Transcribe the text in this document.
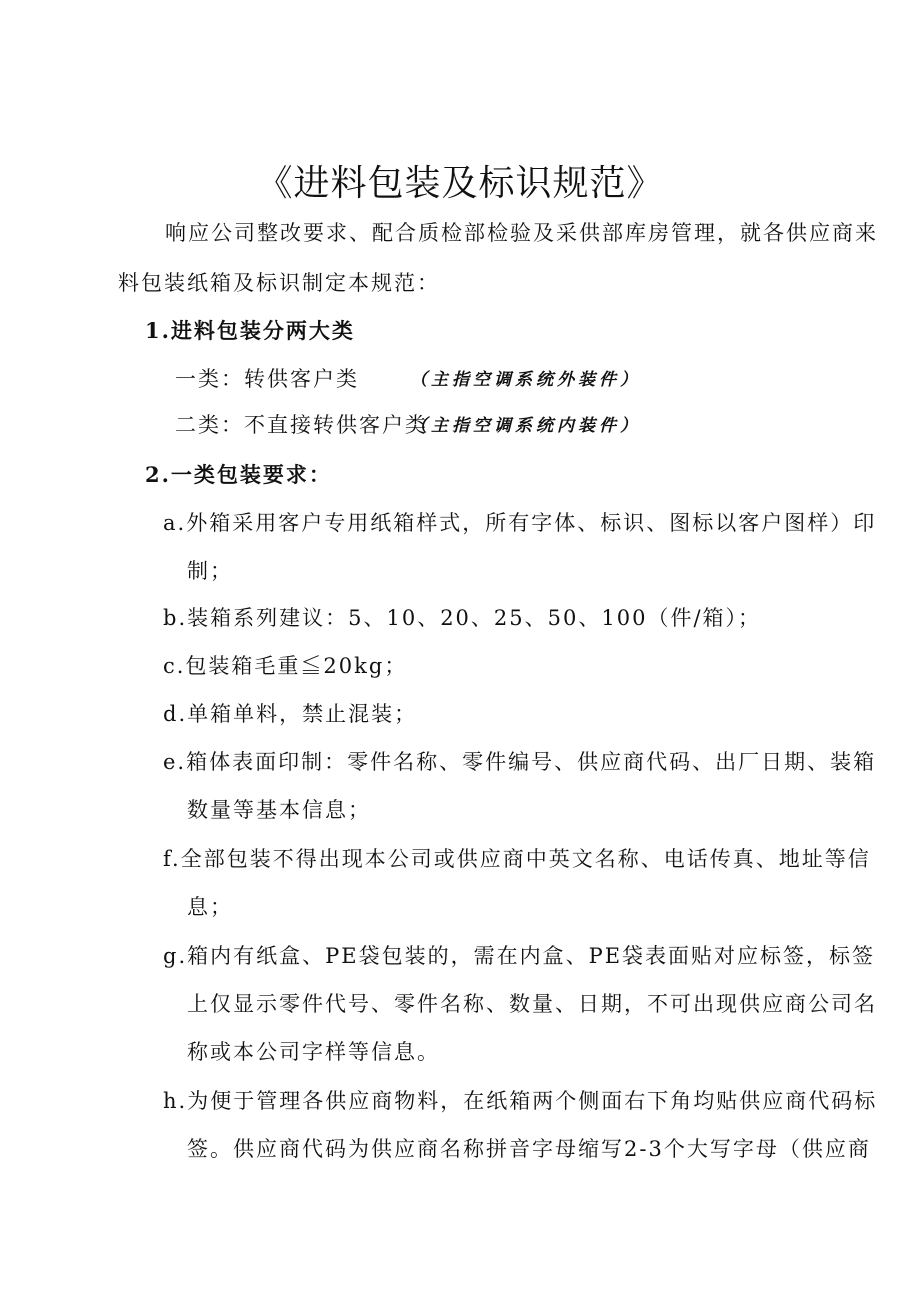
《进料包装及标识规范》
响应公司整改要求、配合质检部检验及采供部库房管理，就各供应商来
料包装纸箱及标识制定本规范：
1.进料包装分两大类
一类：转供客户类	（主指空调系统外装件）
二类：不直接转供客户类
（主指空调系统内装件）
2.一类包装要求：
a.外箱采用客户专用纸箱样式，所有字体、标识、图标以客户图样）印
制；
b.装箱系列建议：5、10、20、25、50、100（件/箱）；
c.包装箱毛重≦20kg；
d.单箱单料，禁止混装；
e.箱体表面印制：零件名称、零件编号、供应商代码、出厂日期、装箱
数量等基本信息；
f.全部包装不得出现本公司或供应商中英文名称、电话传真、地址等信
息；
g.箱内有纸盒、PE袋包装的，需在内盒、PE袋表面贴对应标签，标签
上仅显示零件代号、零件名称、数量、日期，不可出现供应商公司名
称或本公司字样等信息。
h.为便于管理各供应商物料，在纸箱两个侧面右下角均贴供应商代码标
签。供应商代码为供应商名称拼音字母缩写2-3个大写字母（供应商
